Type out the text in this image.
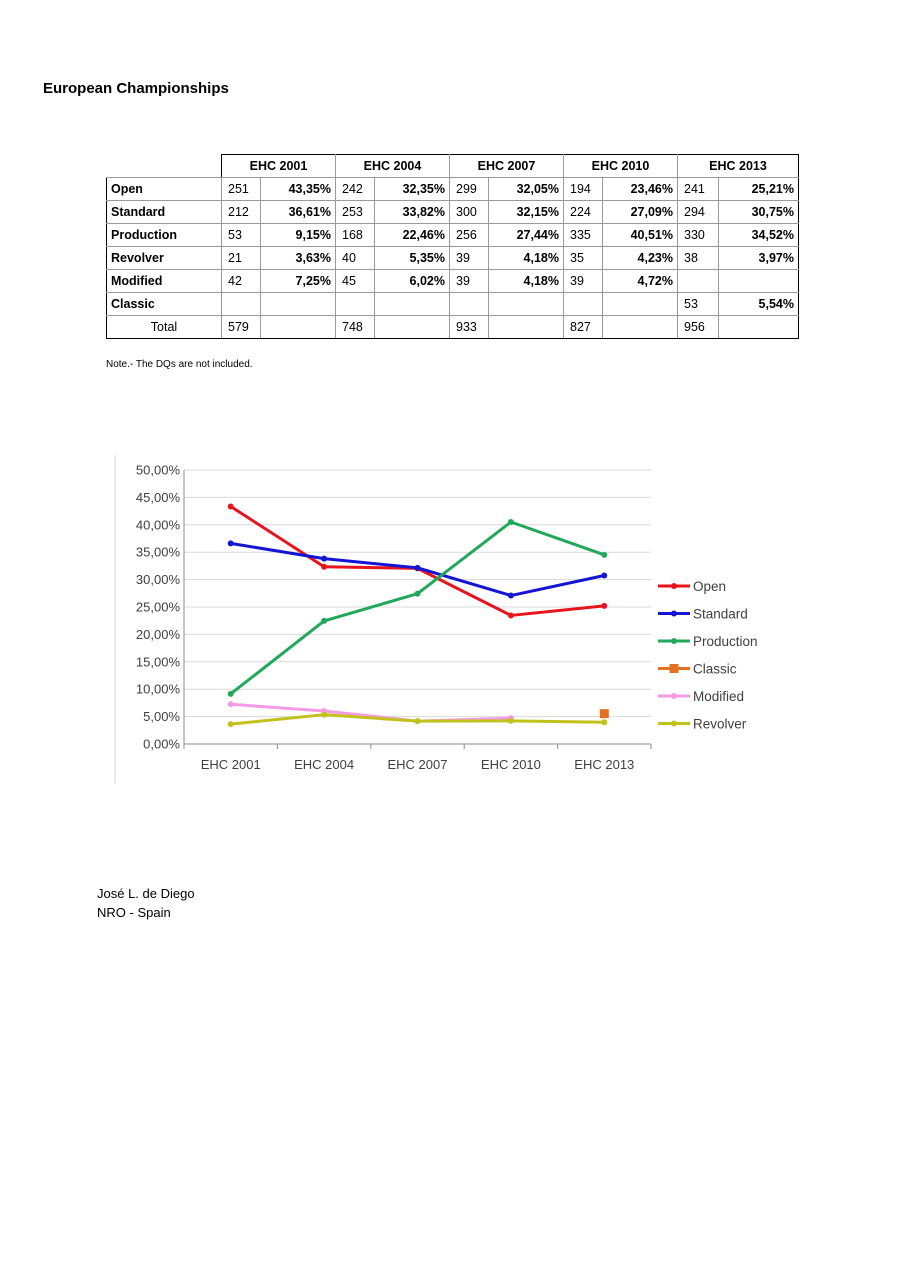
European Championships
	EHC 2001		EHC 2004		EHC 2007		EHC 2010		EHC 2013	
Open	251	43,35%	242	32,35%	299	32,05%	194	23,46%	241	25,21%
Standard	212	36,61%	253	33,82%	300	32,15%	224	27,09%	294	30,75%
Production	53	9,15%	168	22,46%	256	27,44%	335	40,51%	330	34,52%
Revolver	21	3,63%	40	5,35%	39	4,18%	35	4,23%	38	3,97%
Modified	42	7,25%	45	6,02%	39	4,18%	39	4,72%		
Classic									53	5,54%
Total	579		748		933		827		956	
Note.- The DQs are not included.
0,00%
5,00%
10,00%
15,00%
20,00%
25,00%
30,00%
35,00%
40,00%
45,00%
50,00%
EHC 2001	EHC 2004	EHC 2007	EHC 2010	EHC 2013
Open
Standard
Production
Classic
Modified
Revolver
José L. de Diego
NRO - Spain
